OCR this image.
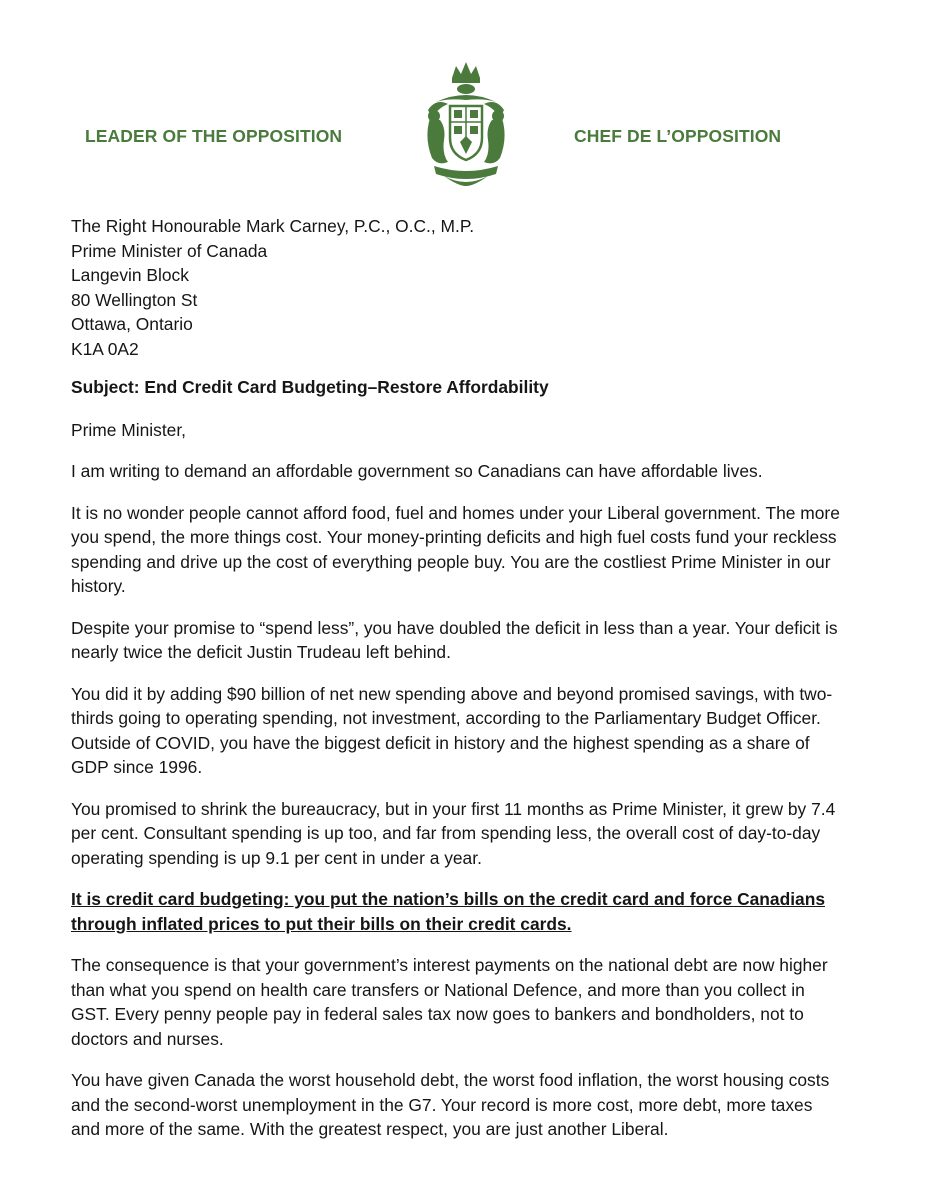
LEADER OF THE OPPOSITION	CHEF DE L’OPPOSITION
The Right Honourable Mark Carney, P.C., O.C., M.P.
Prime Minister of Canada
Langevin Block
80 Wellington St
Ottawa, Ontario
K1A 0A2
Subject: End Credit Card Budgeting–Restore Affordability

Prime Minister,

I am writing to demand an affordable government so Canadians can have affordable lives.

It is no wonder people cannot afford food, fuel and homes under your Liberal government. The more you spend, the more things cost. Your money-printing deficits and high fuel costs fund your reckless spending and drive up the cost of everything people buy. You are the costliest Prime Minister in our history.

Despite your promise to “spend less”, you have doubled the deficit in less than a year. Your deficit is nearly twice the deficit Justin Trudeau left behind.

You did it by adding $90 billion of net new spending above and beyond promised savings, with two-thirds going to operating spending, not investment, according to the Parliamentary Budget Officer. Outside of COVID, you have the biggest deficit in history and the highest spending as a share of GDP since 1996.

You promised to shrink the bureaucracy, but in your first 11 months as Prime Minister, it grew by 7.4 per cent. Consultant spending is up too, and far from spending less, the overall cost of day-to-day operating spending is up 9.1 per cent in under a year.

It is credit card budgeting: you put the nation’s bills on the credit card and force Canadians through inflated prices to put their bills on their credit cards.

The consequence is that your government’s interest payments on the national debt are now higher than what you spend on health care transfers or National Defence, and more than you collect in GST. Every penny people pay in federal sales tax now goes to bankers and bondholders, not to doctors and nurses.

You have given Canada the worst household debt, the worst food inflation, the worst housing costs and the second-worst unemployment in the G7. Your record is more cost, more debt, more taxes and more of the same. With the greatest respect, you are just another Liberal.
